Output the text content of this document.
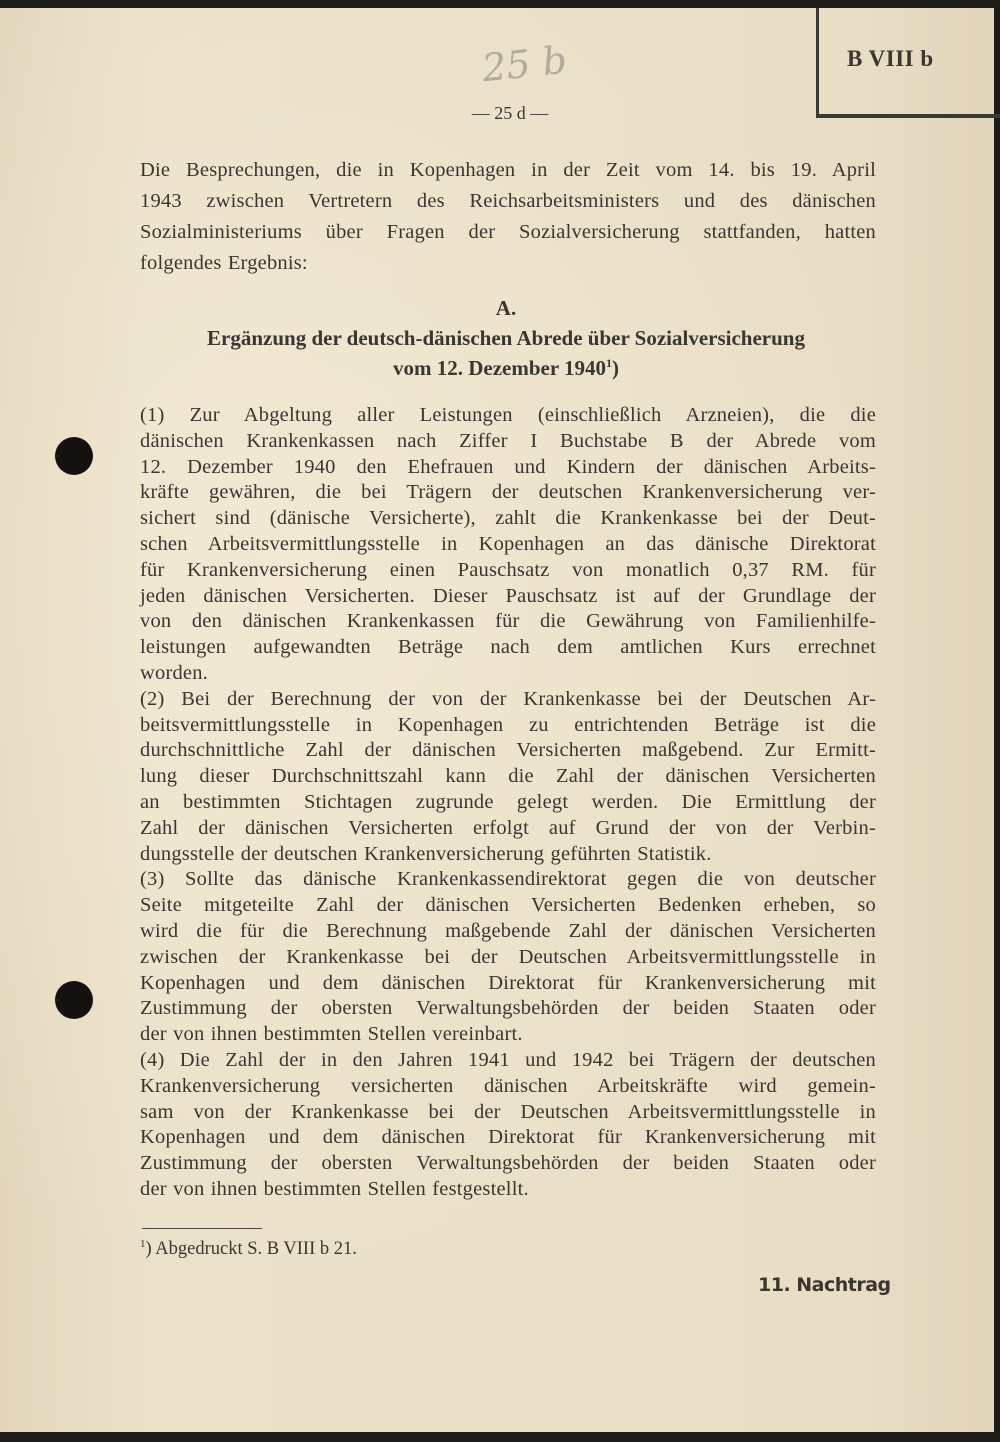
B VIII b
25 b
— 25 d —
Die Besprechungen, die in Kopenhagen in der Zeit vom 14. bis 19. April
1943 zwischen Vertretern des Reichsarbeitsministers und des dänischen
Sozialministeriums über Fragen der Sozialversicherung stattfanden, hatten
folgendes Ergebnis:
A.
Ergänzung der deutsch-dänischen Abrede über Sozialversicherung
vom 12. Dezember 1940$^1$)
(1) Zur Abgeltung aller Leistungen (einschließlich Arzneien), die die
dänischen Krankenkassen nach Ziffer I Buchstabe B der Abrede vom
12. Dezember 1940 den Ehefrauen und Kindern der dänischen Arbeits-
kräfte gewähren, die bei Trägern der deutschen Krankenversicherung ver-
sichert sind (dänische Versicherte), zahlt die Krankenkasse bei der Deut-
schen Arbeitsvermittlungsstelle in Kopenhagen an das dänische Direktorat
für Krankenversicherung einen Pauschsatz von monatlich 0,37 RM. für
jeden dänischen Versicherten. Dieser Pauschsatz ist auf der Grundlage der
von den dänischen Krankenkassen für die Gewährung von Familienhilfe-
leistungen aufgewandten Beträge nach dem amtlichen Kurs errechnet
worden.
(2) Bei der Berechnung der von der Krankenkasse bei der Deutschen Ar-
beitsvermittlungsstelle in Kopenhagen zu entrichtenden Beträge ist die
durchschnittliche Zahl der dänischen Versicherten maßgebend. Zur Ermitt-
lung dieser Durchschnittszahl kann die Zahl der dänischen Versicherten
an bestimmten Stichtagen zugrunde gelegt werden. Die Ermittlung der
Zahl der dänischen Versicherten erfolgt auf Grund der von der Verbin-
dungsstelle der deutschen Krankenversicherung geführten Statistik.
(3) Sollte das dänische Krankenkassendirektorat gegen die von deutscher
Seite mitgeteilte Zahl der dänischen Versicherten Bedenken erheben, so
wird die für die Berechnung maßgebende Zahl der dänischen Versicherten
zwischen der Krankenkasse bei der Deutschen Arbeitsvermittlungsstelle in
Kopenhagen und dem dänischen Direktorat für Krankenversicherung mit
Zustimmung der obersten Verwaltungsbehörden der beiden Staaten oder
der von ihnen bestimmten Stellen vereinbart.
(4) Die Zahl der in den Jahren 1941 und 1942 bei Trägern der deutschen
Krankenversicherung versicherten dänischen Arbeitskräfte wird gemein-
sam von der Krankenkasse bei der Deutschen Arbeitsvermittlungsstelle in
Kopenhagen und dem dänischen Direktorat für Krankenversicherung mit
Zustimmung der obersten Verwaltungsbehörden der beiden Staaten oder
der von ihnen bestimmten Stellen festgestellt.
$^1$) Abgedruckt S. B VIII b 21.
11. Nachtrag
